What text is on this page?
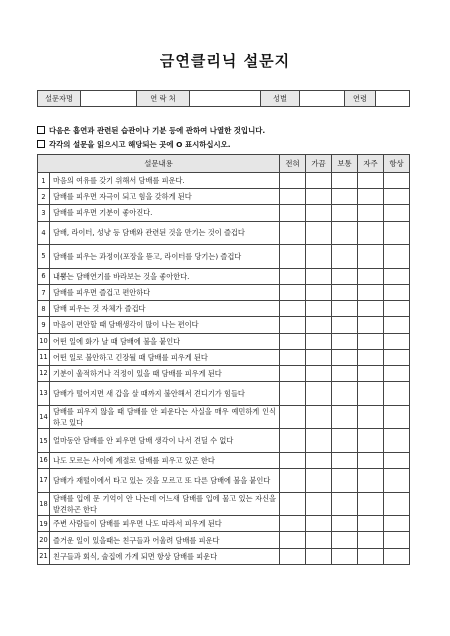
금연클리닉 설문지
설문자명		연 락 처		성별		연령	
다음은 흡연과 관련된 습관이나 기분 등에 관하여 나열한 것입니다.
각각의 설문을 읽으시고 해당되는 곳에 O 표시하십시오.
설문내용		전혀	가끔	보통	자주	항상
1	마음의 여유를 갖기 위해서 담배를 피운다.					
2	담배를 피우면 자극이 되고 힘을 갖하게 된다					
3	담배를 피우면 기분이 좋아진다.					
4	담배, 라이터, 성냥 등 담배와 관련된 것을 만기는 것이 즐겁다					
5	담배를 피우는 과정이(포장을 뜯고, 라이터를 당기는) 즐겁다					
6	내뿜는 담배연기를 바라보는 것을 좋아한다.					
7	담배를 피우면 즐겁고 편안하다					
8	담배 피우는 것 자체가 즐겁다					
9	마음이 편안할 때 담배생각이 많이 나는 편이다					
10	어떤 일에 화가 날 때 담배에 불을 붙인다					
11	어떤 일로 불안하고 긴장될 때 담배를 피우게 된다					
12	기분이 울적하거나 걱정이 있을 때 담배를 피우게 된다					
13	담배가 떨어지면 새 갑을 살 때까지 불안해서 견디기가 힘들다					
14	담배를 피우지 않을 때 담배를 안 피운다는 사실을 매우 예민하게 인식하고 있다					
15	얼마동안 담배를 안 피우면 담배 생각이 나서 견딜 수 없다					
16	나도 모르는 사이에 계절로 담배를 피우고 있곤 한다					
17	담배가 재떨이에서 타고 있는 것을 모르고 또 다른 담배에 불을 붙인다					
18	담배를 입에 문 기억이 안 나는데 어느새 담배를 입에 물고 있는 자신을 발견하곤 한다					
19	주변 사람들이 담배를 피우면 나도 따라서 피우게 된다					
20	즐거운 일이 있을때는 친구들과 어울려 담배를 피운다					
21	친구들과 회식, 술집에 가게 되면 항상 담배를 피운다					
